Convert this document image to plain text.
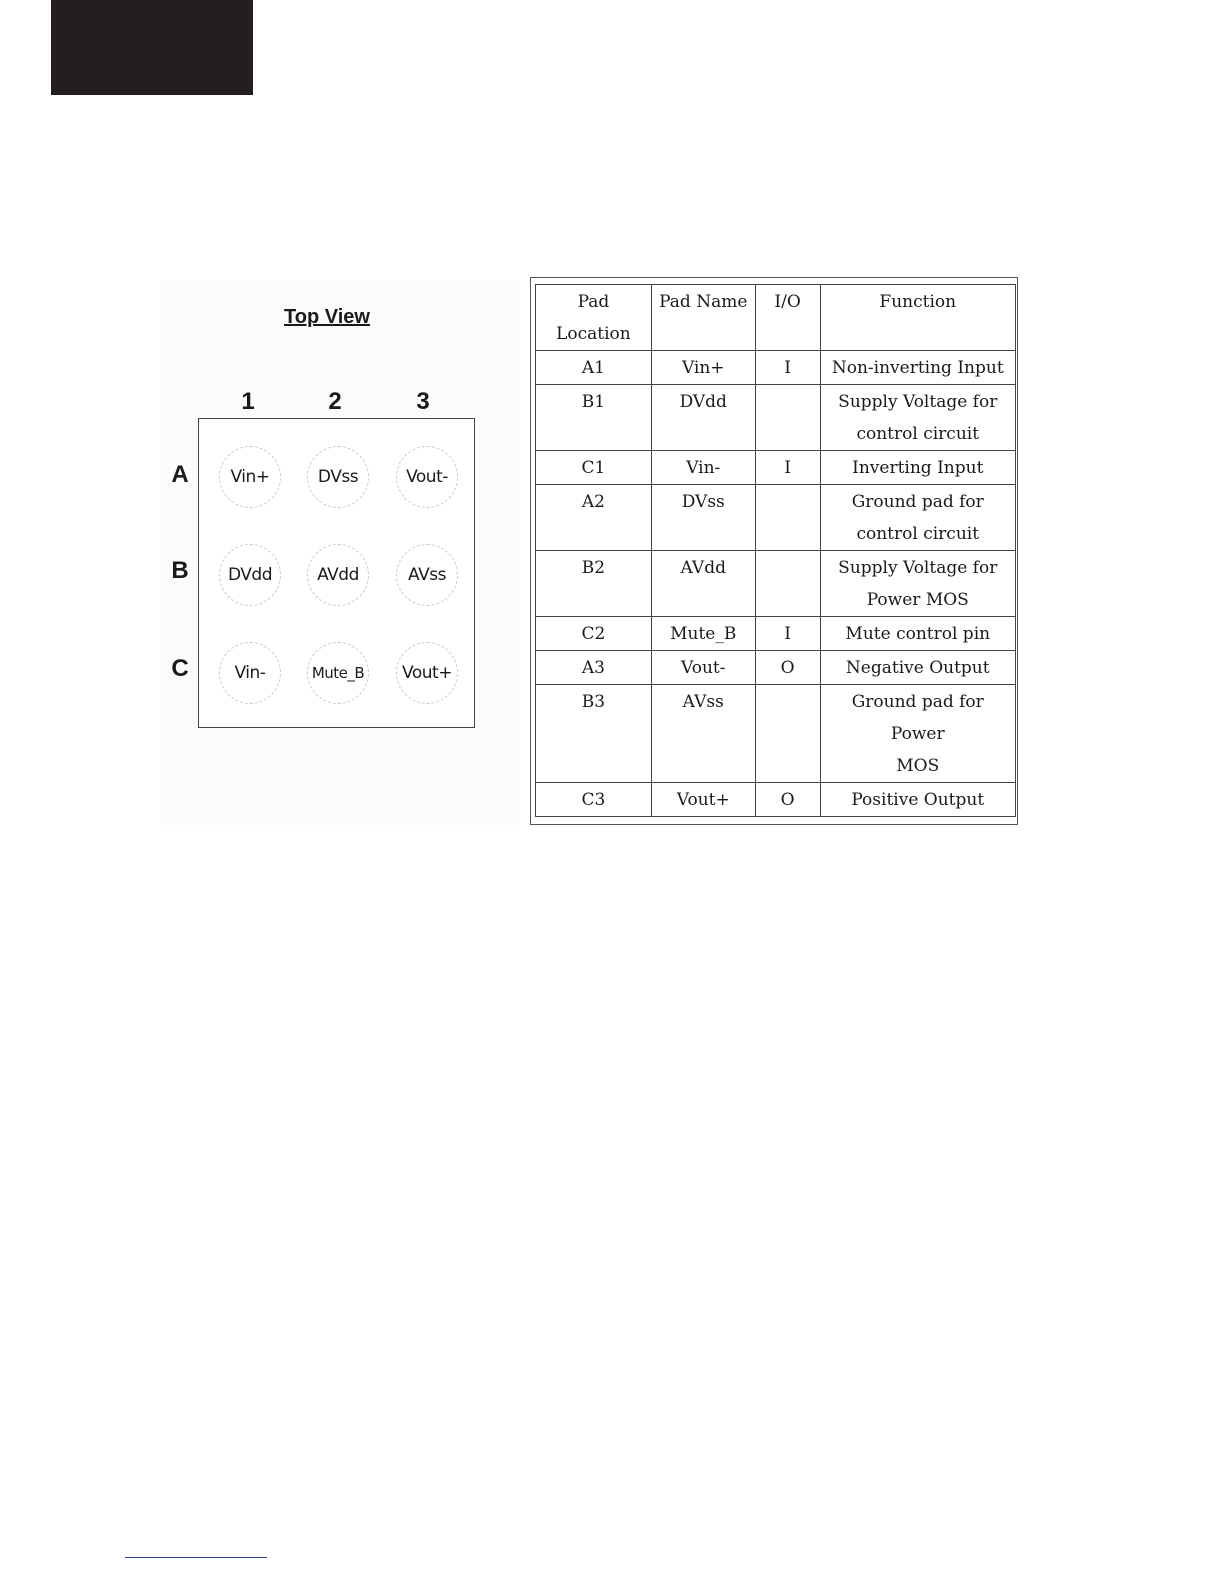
Top View
1	2	3
A
B
C
Vin+	DVss	Vout-
DVdd	AVdd	AVss
Vin-	Mute_B Vout+
Pad
Location	Pad Name	I/O	Function
A1	Vin+	I	Non-inverting Input
B1	DVdd		Supply Voltage for
control circuit
C1	Vin-	I	Inverting Input
A2	DVss		Ground pad for
control circuit
B2	AVdd		Supply Voltage for
Power MOS
C2	Mute_B	I	Mute control pin
A3	Vout-	O	Negative Output
B3	AVss		Ground pad for Power
MOS
C3	Vout+	O	Positive Output
